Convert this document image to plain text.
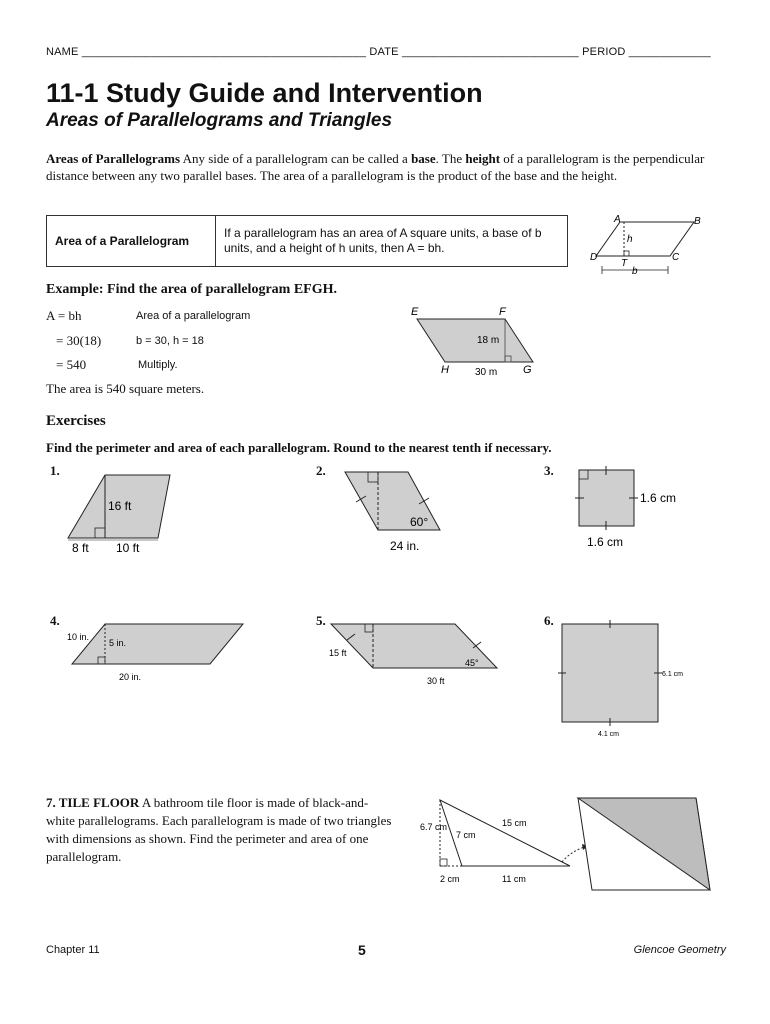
NAME _____________________________________________ DATE ____________________________ PERIOD _____________
11-1 Study Guide and Intervention
Areas of Parallelograms and Triangles
Areas of Parallelograms Any side of a parallelogram can be called a base. The height of a parallelogram is the perpendicular distance between any two parallel bases. The area of a parallelogram is the product of the base and the height.
Area of a Parallelogram
If a parallelogram has an area of A square units, a base of b units, and a height of h units, then A = bh.
A	B
C
D
T
h
b
Example: Find the area of parallelogram EFGH.
A = bh	Area of a parallelogram
= 30(18)	b = 30, h = 18
= 540	Multiply.
The area is 540 square meters.
E	F
G
H
18 m
30 m
Exercises
Find the perimeter and area of each parallelogram. Round to the nearest tenth if necessary.
1.
16 ft
8 ft 10 ft
2.
60°
24 in.
3.
1.6 cm
1.6 cm
4.
10 in.
5 in.
20 in.
5.
15 ft
45°
30 ft
6.
6.1 cm
4.1 cm
7. TILE FLOOR A bathroom tile floor is made of black-and-white parallelograms. Each parallelogram is made of two triangles with dimensions as shown. Find the perimeter and area of one parallelogram.
6.7 cm
7 cm
15 cm
2 cm	11 cm
Chapter 11	5	Glencoe Geometry
